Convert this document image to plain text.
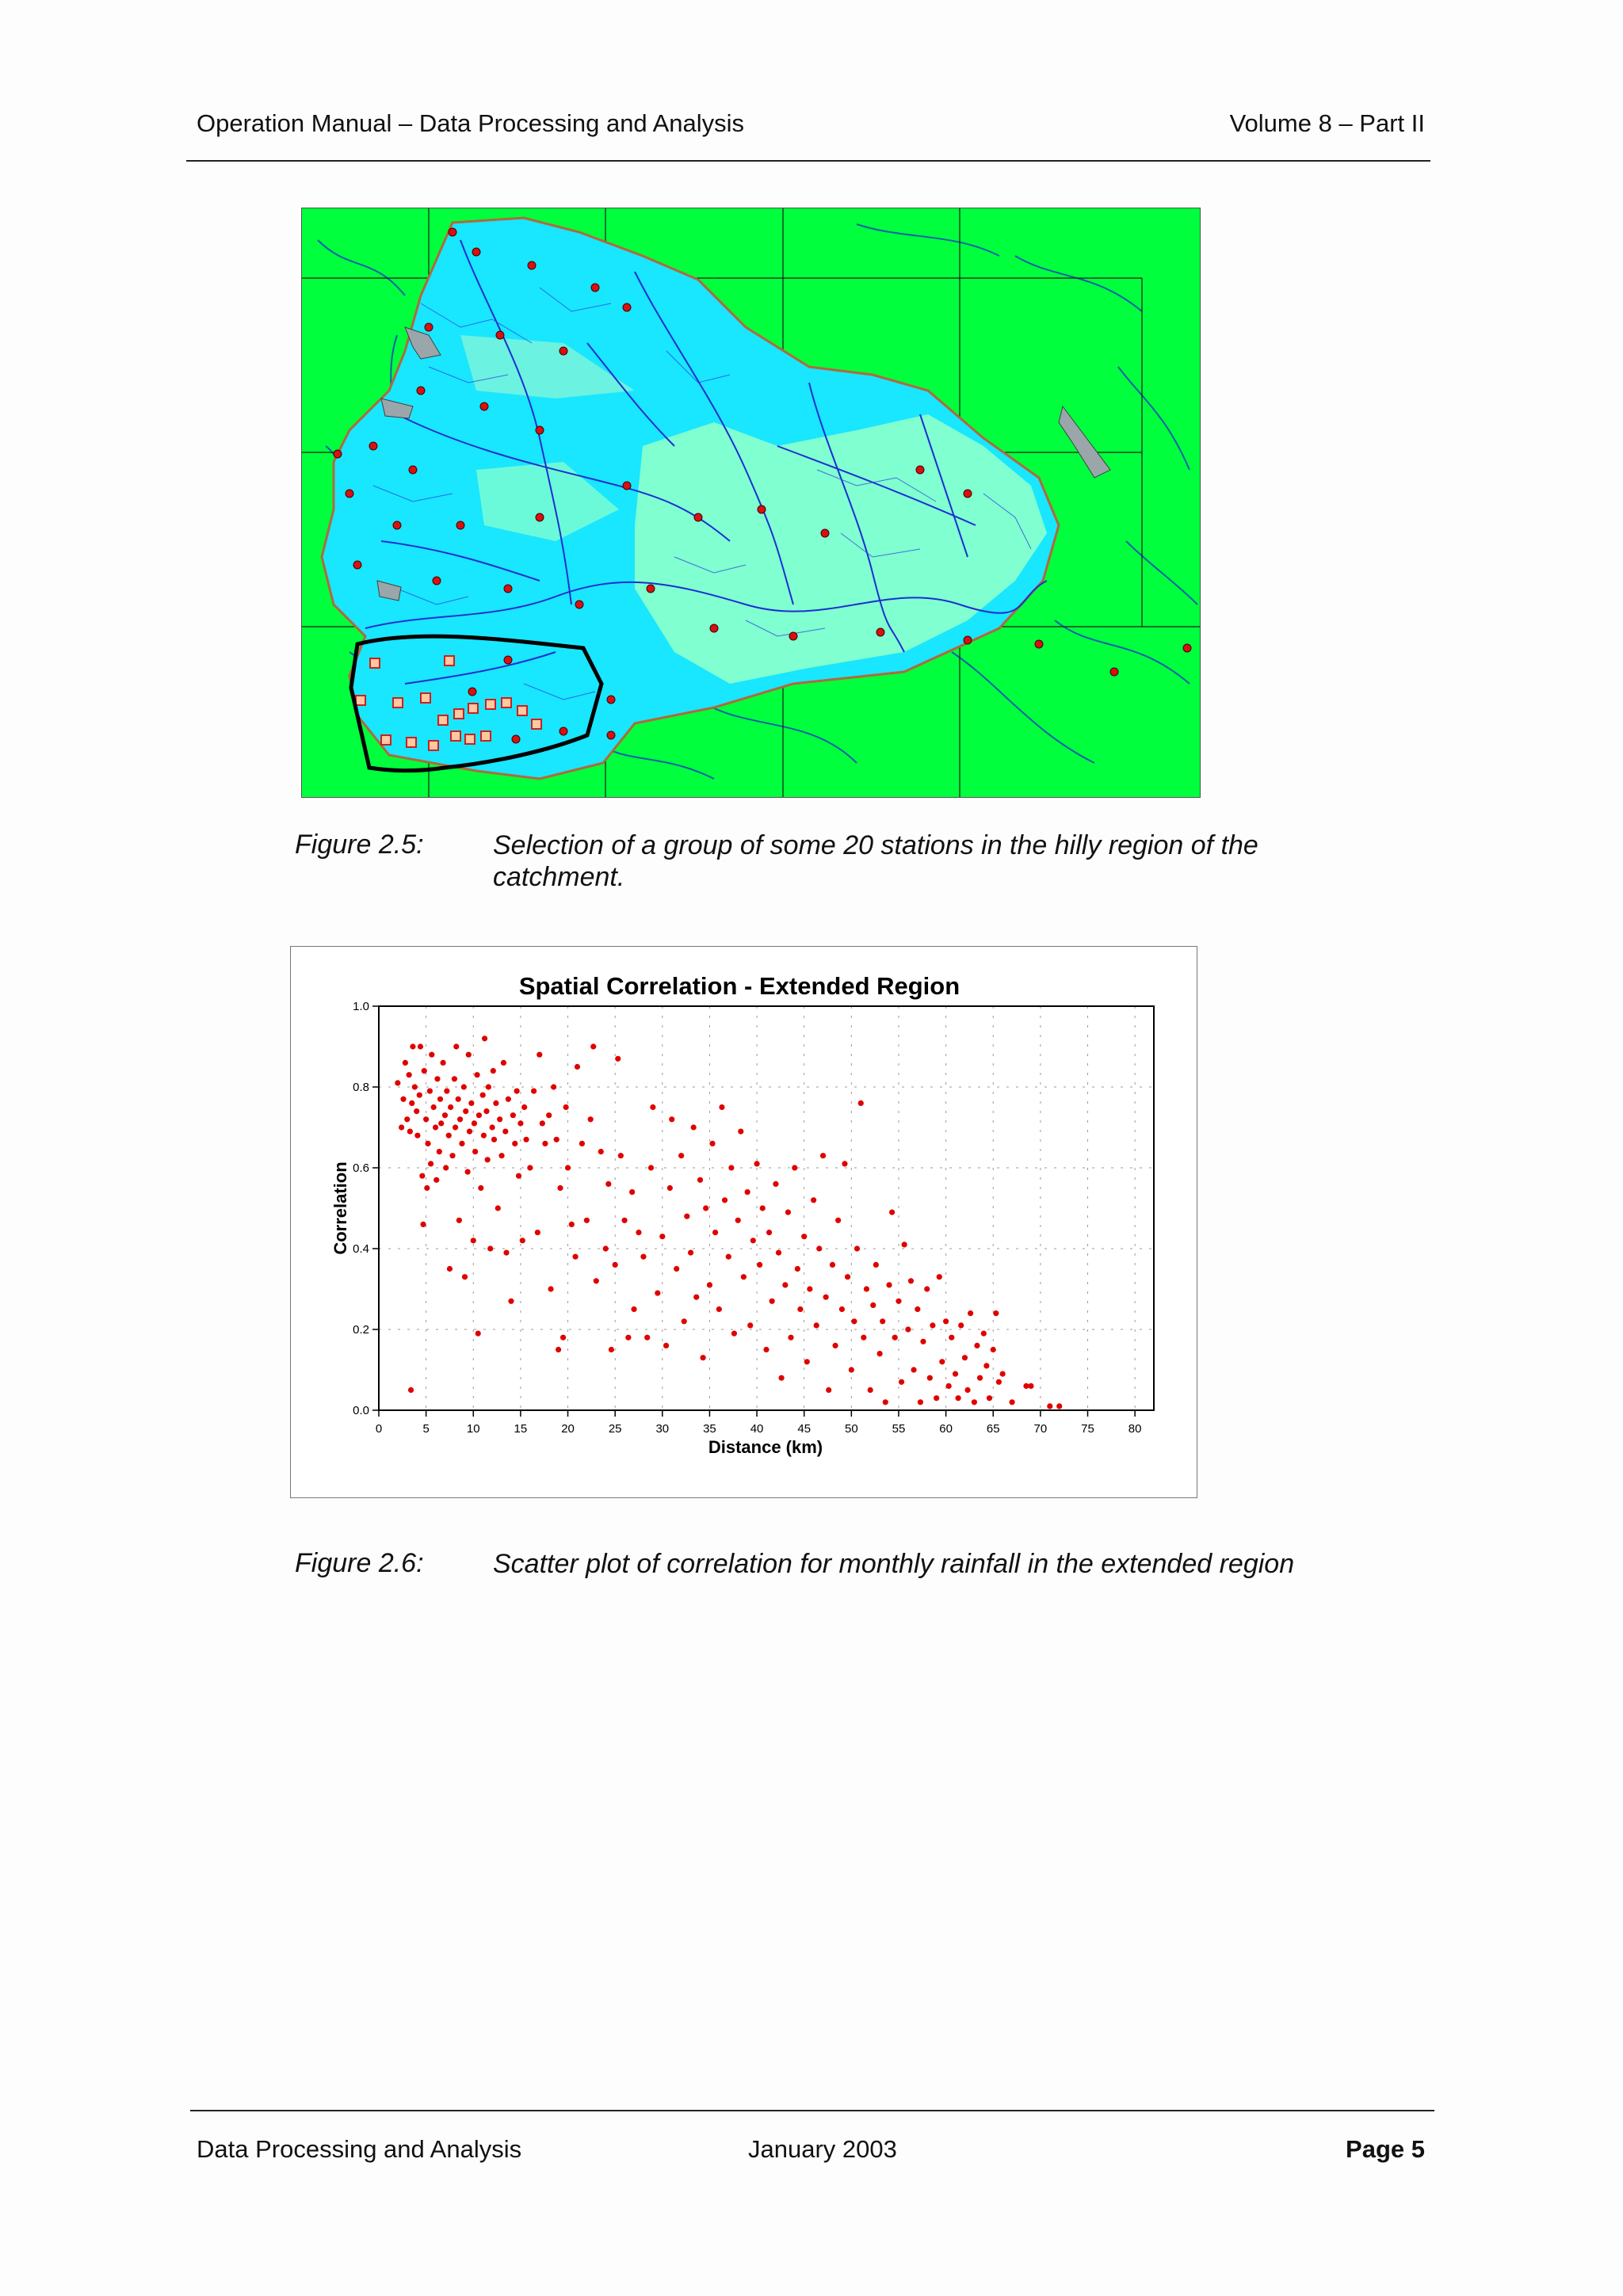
Operation Manual – Data Processing and Analysis	Volume 8 – Part II
Figure 2.5:	Selection of a group of some 20 stations in the hilly region of the catchment.
Spatial Correlation - Extended Region
Distance (km)
Correlation
0	5	10	15	20	25	30	35	40	45	50	55	60	65	70	75	80
0.0
0.2
0.4
0.6
0.8
1.0
Figure 2.6:	Scatter plot of correlation for monthly rainfall in the extended region
Data Processing and Analysis	January 2003	Page 5
